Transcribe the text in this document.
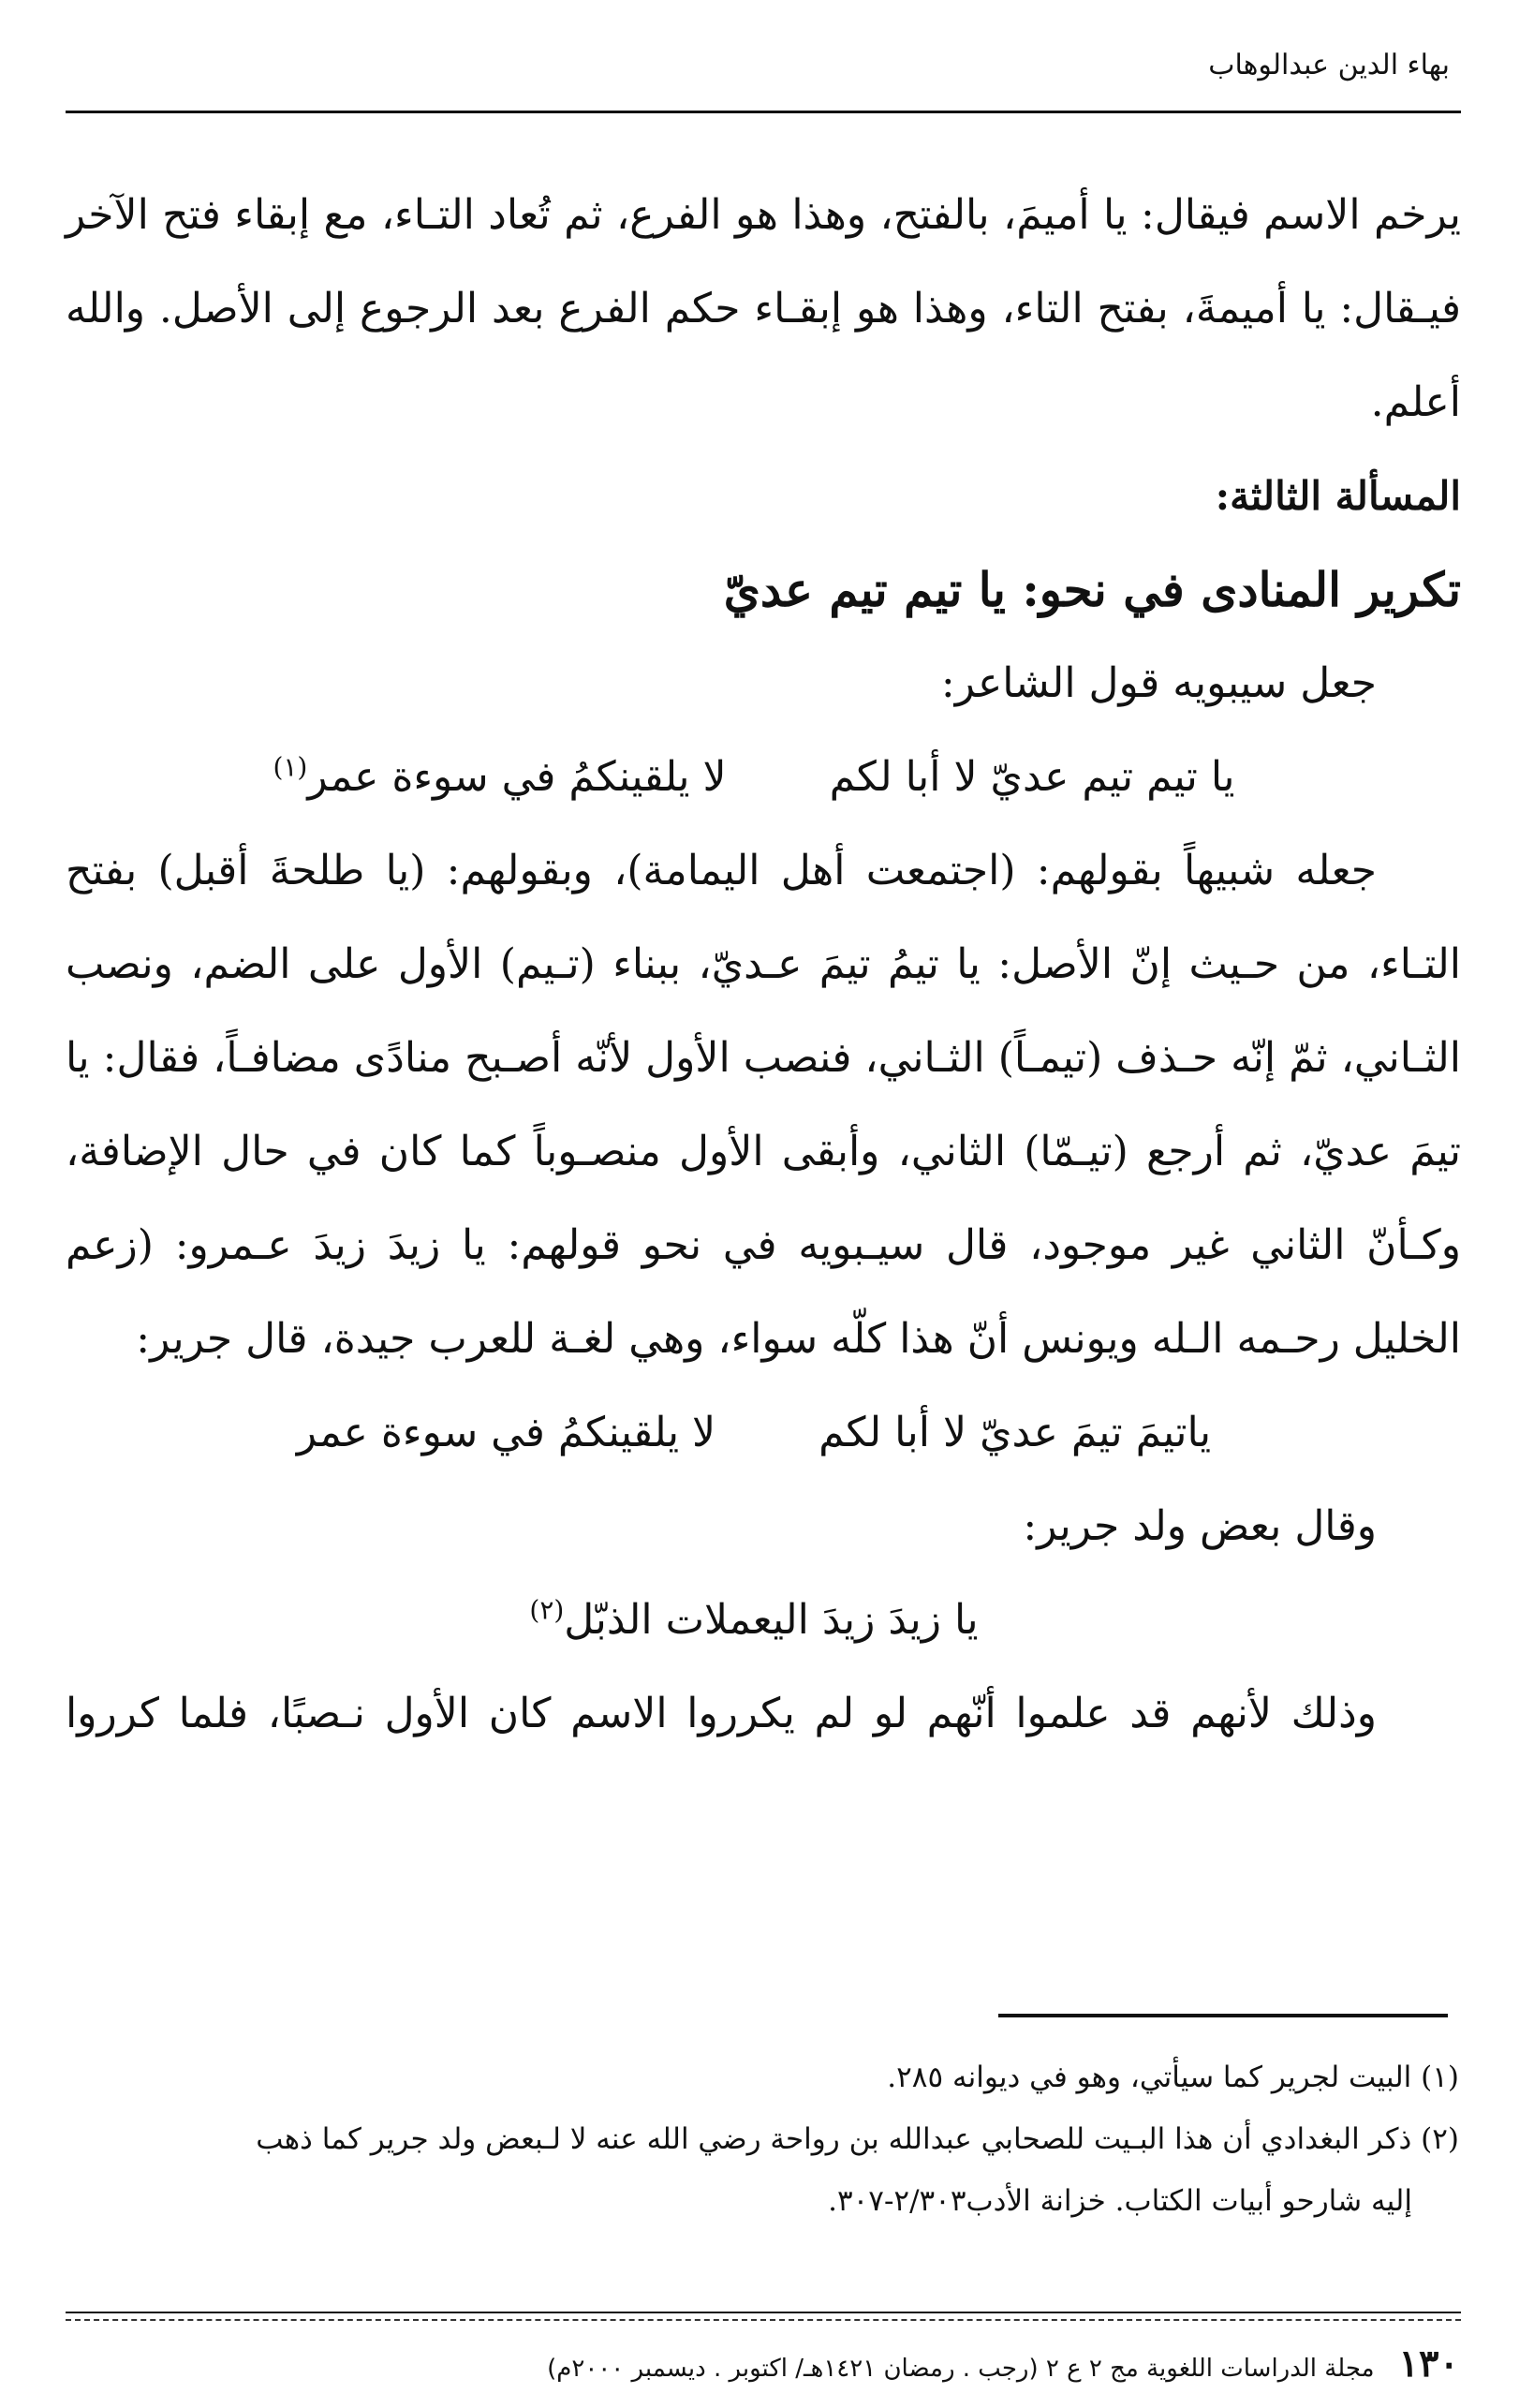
بهاء الدين عبدالوهاب

يرخم الاسم فيقال: يا أميمَ، بالفتح، وهذا هو الفرع، ثم تُعاد التـاء، مع إبقاء فتح الآخر فيـقال: يا أميمةَ، بفتح التاء، وهذا هو إبقـاء حكم الفرع بعد الرجوع إلى الأصل. والله أعلم.

المسألة الثالثة:

تكرير المنادى في نحو: يا تيم تيم عديّ

جعل سيبويه قول الشاعر:

يا تيم تيم عديّ لا أبا لكم
لا يلقينكمُ في سوءة عمر$^{(١)}$

جعله شبيهاً بقولهم: (اجتمعت أهل اليمامة)، وبقولهم: (يا طلحةَ أقبل) بفتح التـاء، من حـيث إنّ الأصل: يا تيمُ تيمَ عـديّ، ببناء (تـيم) الأول على الضم، ونصب الثـاني، ثمّ إنّه حـذف (تيمـاً) الثـاني، فنصب الأول لأنّه أصـبح منادًى مضافـاً، فقال: يا تيمَ عديّ، ثم أرجع (تيـمّا) الثاني، وأبقى الأول منصـوباً كما كان في حال الإضافة، وكـأنّ الثاني غير موجود، قال سيـبويه في نحو قولهم: يا زيدَ زيدَ عـمرو: (زعم الخليل رحـمه الـله ويونس أنّ هذا كلّه سواء، وهي لغـة للعرب جيدة، قال جرير:

ياتيمَ تيمَ عديّ لا أبا لكم
لا يلقينكمُ في سوءة عمر

وقال بعض ولد جرير:

يا زيدَ زيدَ اليعملات الذبّل$^{(٢)}$

وذلك لأنهم قد علموا أنّهم لو لم يكرروا الاسم كان الأول نـصبًا، فلما كرروا

(١) البيت لجرير كما سيأتي، وهو في ديوانه ٢٨٥.

(٢) ذكر البغدادي أن هذا البـيت للصحابي عبدالله بن رواحة رضي الله عنه لا لـبعض ولد جرير كما ذهب
إليه شارحو أبيات الكتاب. خزانة الأدب٢/٣٠٣-٣٠٧.

١٣٠
مجلة الدراسات اللغوية مج ٢ ع ٢ (رجب . رمضان ١٤٢١هـ/ اكتوبر . ديسمبر ٢٠٠٠م)
